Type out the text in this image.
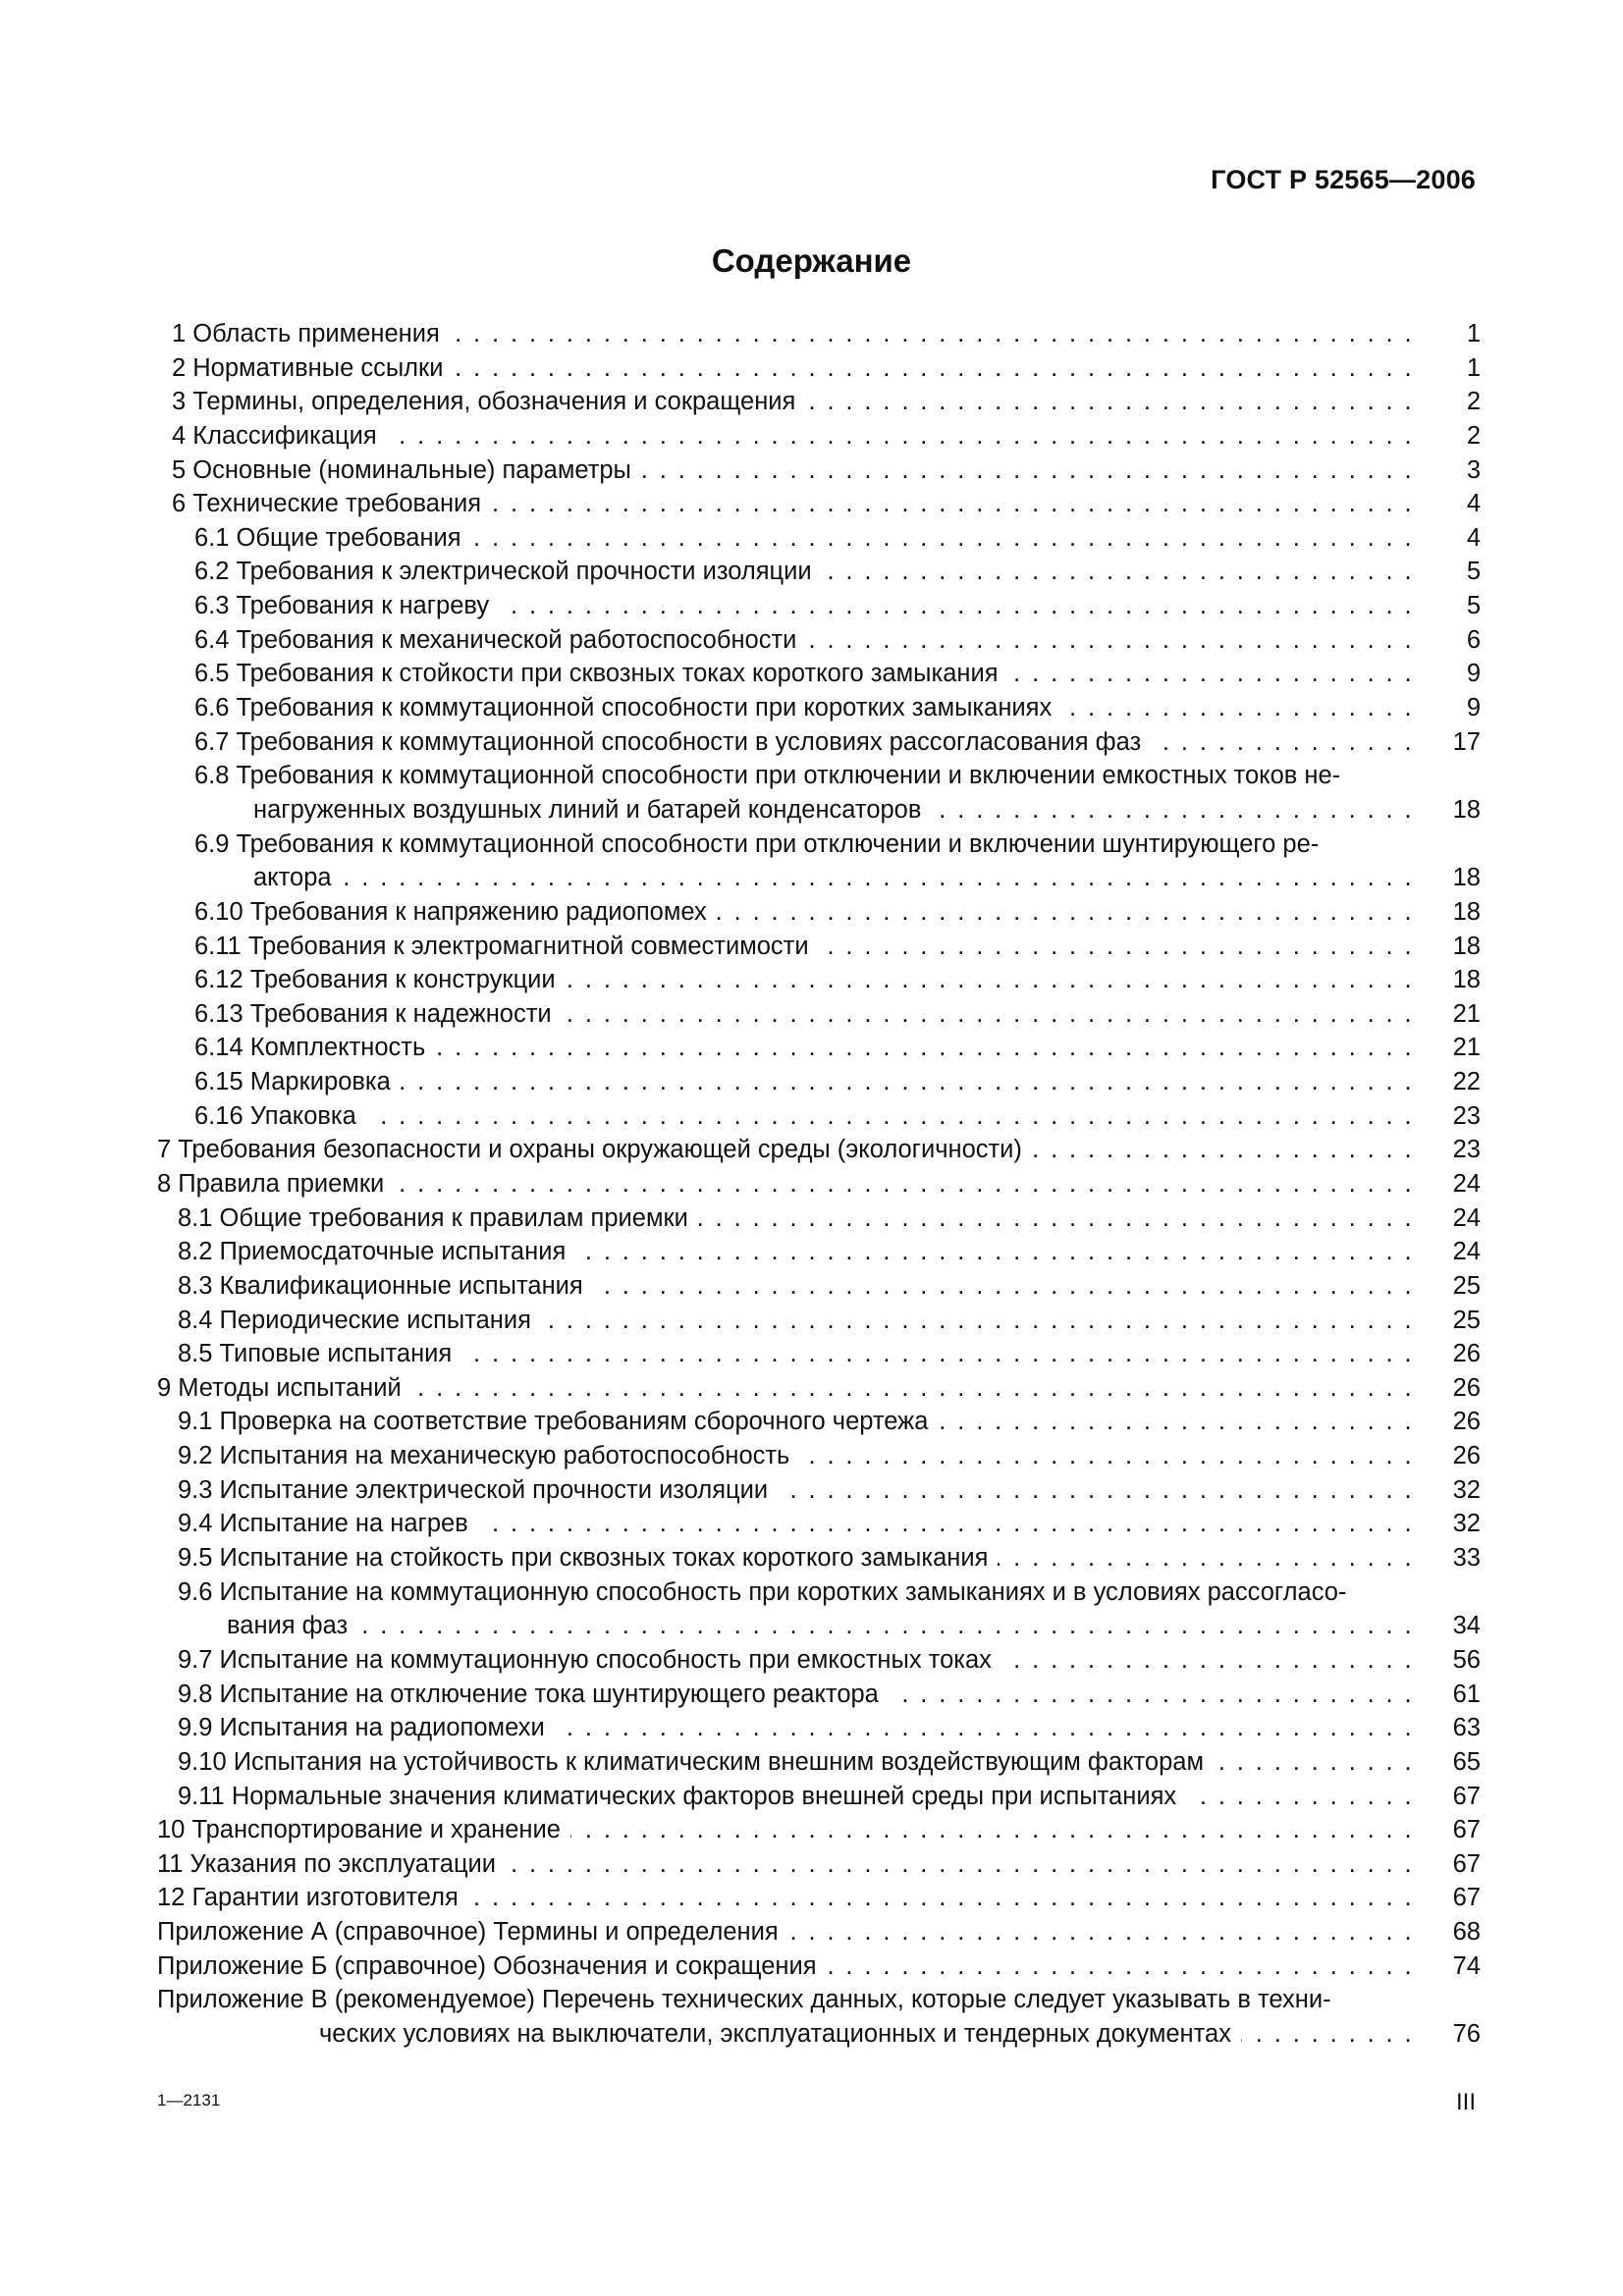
ГОСТ Р 52565—2006
Содержание
1 Область применения . . .	1
2 Нормативные ссылки . . .	1
3 Термины, определения, обозначения и сокращения . . .	2
4 Классификация . . .	2
5 Основные (номинальные) параметры . . .	3
6 Технические требования . . .	4
6.1 Общие требования . . .	4
6.2 Требования к электрической прочности изоляции . . .	5
6.3 Требования к нагреву . . .	5
6.4 Требования к механической работоспособности . . .	6
6.5 Требования к стойкости при сквозных токах короткого замыкания . . .	9
6.6 Требования к коммутационной способности при коротких замыканиях . . .	9
6.7 Требования к коммутационной способности в условиях рассогласования фаз . . .	17
6.8 Требования к коммутационной способности при отключении и включении емкостных токов не-
нагруженных воздушных линий и батарей конденсаторов . . .	18
6.9 Требования к коммутационной способности при отключении и включении шунтирующего ре-
актора . . .	18
6.10 Требования к напряжению радиопомех . . .	18
6.11 Требования к электромагнитной совместимости . . .	18
6.12 Требования к конструкции . . .	18
6.13 Требования к надежности . . .	21
6.14 Комплектность . . .	21
6.15 Маркировка . . .	22
6.16 Упаковка . . .	23
7 Требования безопасности и охраны окружающей среды (экологичности) . . .	23
8 Правила приемки . . .	24
8.1 Общие требования к правилам приемки . . .	24
8.2 Приемосдаточные испытания . . .	24
8.3 Квалификационные испытания . . .	25
8.4 Периодические испытания . . .	25
8.5 Типовые испытания . . .	26
9 Методы испытаний . . .	26
9.1 Проверка на соответствие требованиям сборочного чертежа . . .	26
9.2 Испытания на механическую работоспособность . . .	26
9.3 Испытание электрической прочности изоляции . . .	32
9.4 Испытание на нагрев . . .	32
9.5 Испытание на стойкость при сквозных токах короткого замыкания . . .	33
9.6 Испытание на коммутационную способность при коротких замыканиях и в условиях рассогласо-
вания фаз . . .	34
9.7 Испытание на коммутационную способность при емкостных токах . . .	56
9.8 Испытание на отключение тока шунтирующего реактора . . .	61
9.9 Испытания на радиопомехи . . .	63
9.10 Испытания на устойчивость к климатическим внешним воздействующим факторам . . .	65
9.11 Нормальные значения климатических факторов внешней среды при испытаниях . . .	67
10 Транспортирование и хранение . . .	67
11 Указания по эксплуатации . . .	67
12 Гарантии изготовителя . . .	67
Приложение А (справочное) Термины и определения . . .	68
Приложение Б (справочное) Обозначения и сокращения . . .	74
Приложение В (рекомендуемое) Перечень технических данных, которые следует указывать в техни-
ческих условиях на выключатели, эксплуатационных и тендерных документах . . .	76
1—2131	III
